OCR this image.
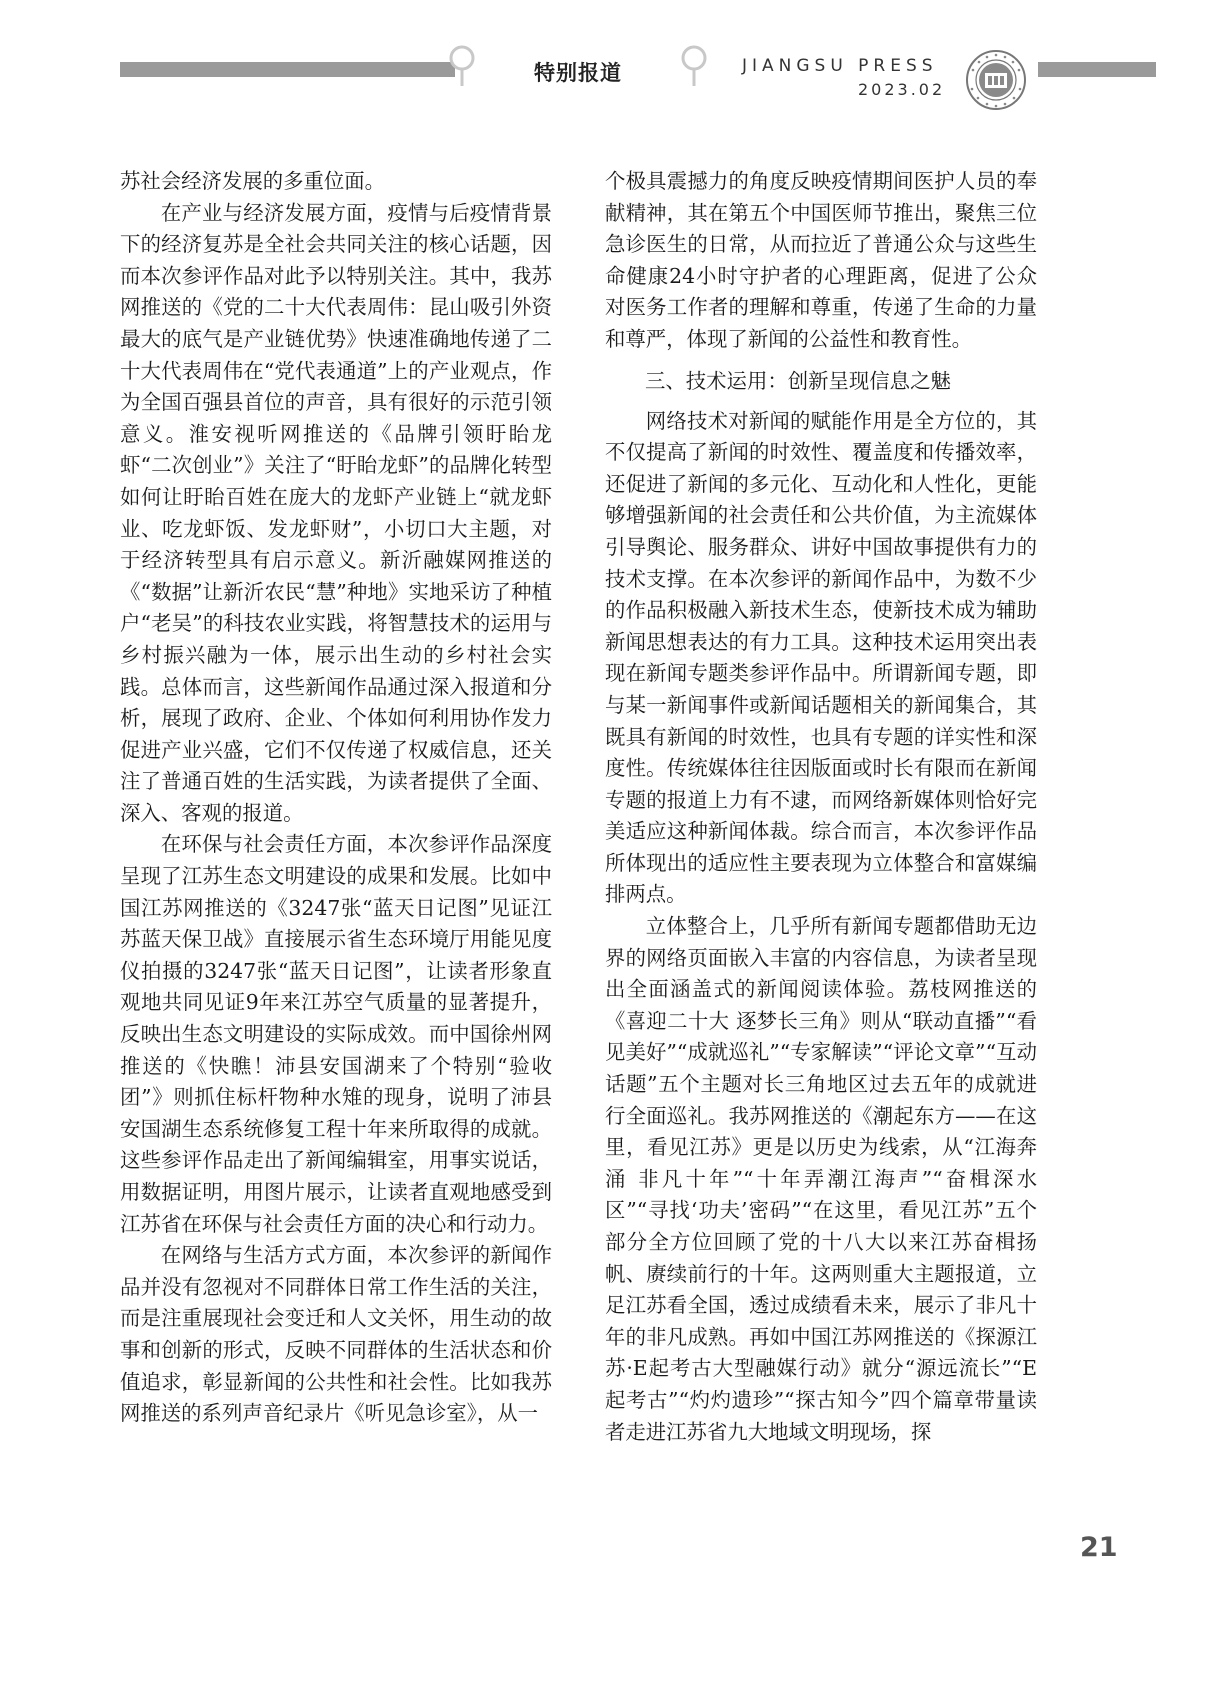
特别报道	JIANGSU PRESS
2023.02

苏社会经济发展的多重位面。

在产业与经济发展方面，疫情与后疫情背景下的经济复苏是全社会共同关注的核心话题，因而本次参评作品对此予以特别关注。其中，我苏网推送的《党的二十大代表周伟：昆山吸引外资 最大的底气是产业链优势》快速准确地传递了二十大代表周伟在“党代表通道”上的产业观点，作为全国百强县首位的声音，具有很好的示范引领意义。淮安视听网推送的《品牌引领盱眙龙虾“二次创业”》关注了“盱眙龙虾”的品牌化转型如何让盱眙百姓在庞大的龙虾产业链上“就龙虾业、吃龙虾饭、发龙虾财”，小切口大主题，对于经济转型具有启示意义。新沂融媒网推送的《“数据”让新沂农民“慧”种地》实地采访了种植户“老吴”的科技农业实践，将智慧技术的运用与乡村振兴融为一体，展示出生动的乡村社会实践。总体而言，这些新闻作品通过深入报道和分析，展现了政府、企业、个体如何利用协作发力促进产业兴盛，它们不仅传递了权威信息，还关注了普通百姓的生活实践，为读者提供了全面、深入、客观的报道。

在环保与社会责任方面，本次参评作品深度呈现了江苏生态文明建设的成果和发展。比如中国江苏网推送的《3247张“蓝天日记图”见证江苏蓝天保卫战》直接展示省生态环境厅用能见度仪拍摄的3247张“蓝天日记图”，让读者形象直观地共同见证9年来江苏空气质量的显著提升，反映出生态文明建设的实际成效。而中国徐州网推送的《快瞧！沛县安国湖来了个特别“验收团”》则抓住标杆物种水雉的现身，说明了沛县安国湖生态系统修复工程十年来所取得的成就。这些参评作品走出了新闻编辑室，用事实说话，用数据证明，用图片展示，让读者直观地感受到江苏省在环保与社会责任方面的决心和行动力。

在网络与生活方式方面，本次参评的新闻作品并没有忽视对不同群体日常工作生活的关注，而是注重展现社会变迁和人文关怀，用生动的故事和创新的形式，反映不同群体的生活状态和价值追求，彰显新闻的公共性和社会性。比如我苏网推送的系列声音纪录片《听见急诊室》，从一

个极具震撼力的角度反映疫情期间医护人员的奉献精神，其在第五个中国医师节推出，聚焦三位急诊医生的日常，从而拉近了普通公众与这些生命健康24小时守护者的心理距离，促进了公众对医务工作者的理解和尊重，传递了生命的力量和尊严，体现了新闻的公益性和教育性。

三、技术运用：创新呈现信息之魅

网络技术对新闻的赋能作用是全方位的，其不仅提高了新闻的时效性、覆盖度和传播效率，还促进了新闻的多元化、互动化和人性化，更能够增强新闻的社会责任和公共价值，为主流媒体引导舆论、服务群众、讲好中国故事提供有力的技术支撑。在本次参评的新闻作品中，为数不少的作品积极融入新技术生态，使新技术成为辅助新闻思想表达的有力工具。这种技术运用突出表现在新闻专题类参评作品中。所谓新闻专题，即与某一新闻事件或新闻话题相关的新闻集合，其既具有新闻的时效性，也具有专题的详实性和深度性。传统媒体往往因版面或时长有限而在新闻专题的报道上力有不逮，而网络新媒体则恰好完美适应这种新闻体裁。综合而言，本次参评作品所体现出的适应性主要表现为立体整合和富媒编排两点。

立体整合上，几乎所有新闻专题都借助无边界的网络页面嵌入丰富的内容信息，为读者呈现出全面涵盖式的新闻阅读体验。荔枝网推送的《喜迎二十大 逐梦长三角》则从“联动直播”“看见美好”“成就巡礼”“专家解读”“评论文章”“互动话题”五个主题对长三角地区过去五年的成就进行全面巡礼。我苏网推送的《潮起东方——在这里，看见江苏》更是以历史为线索，从“江海奔涌 非凡十年”“十年弄潮江海声”“奋楫深水区”“寻找‘功夫’密码”“在这里，看见江苏”五个部分全方位回顾了党的十八大以来江苏奋楫扬帆、赓续前行的十年。这两则重大主题报道，立足江苏看全国，透过成绩看未来，展示了非凡十年的非凡成熟。再如中国江苏网推送的《探源江苏·E起考古大型融媒行动》就分“源远流长”“E起考古”“灼灼遗珍”“探古知今”四个篇章带量读者走进江苏省九大地域文明现场，探

21
